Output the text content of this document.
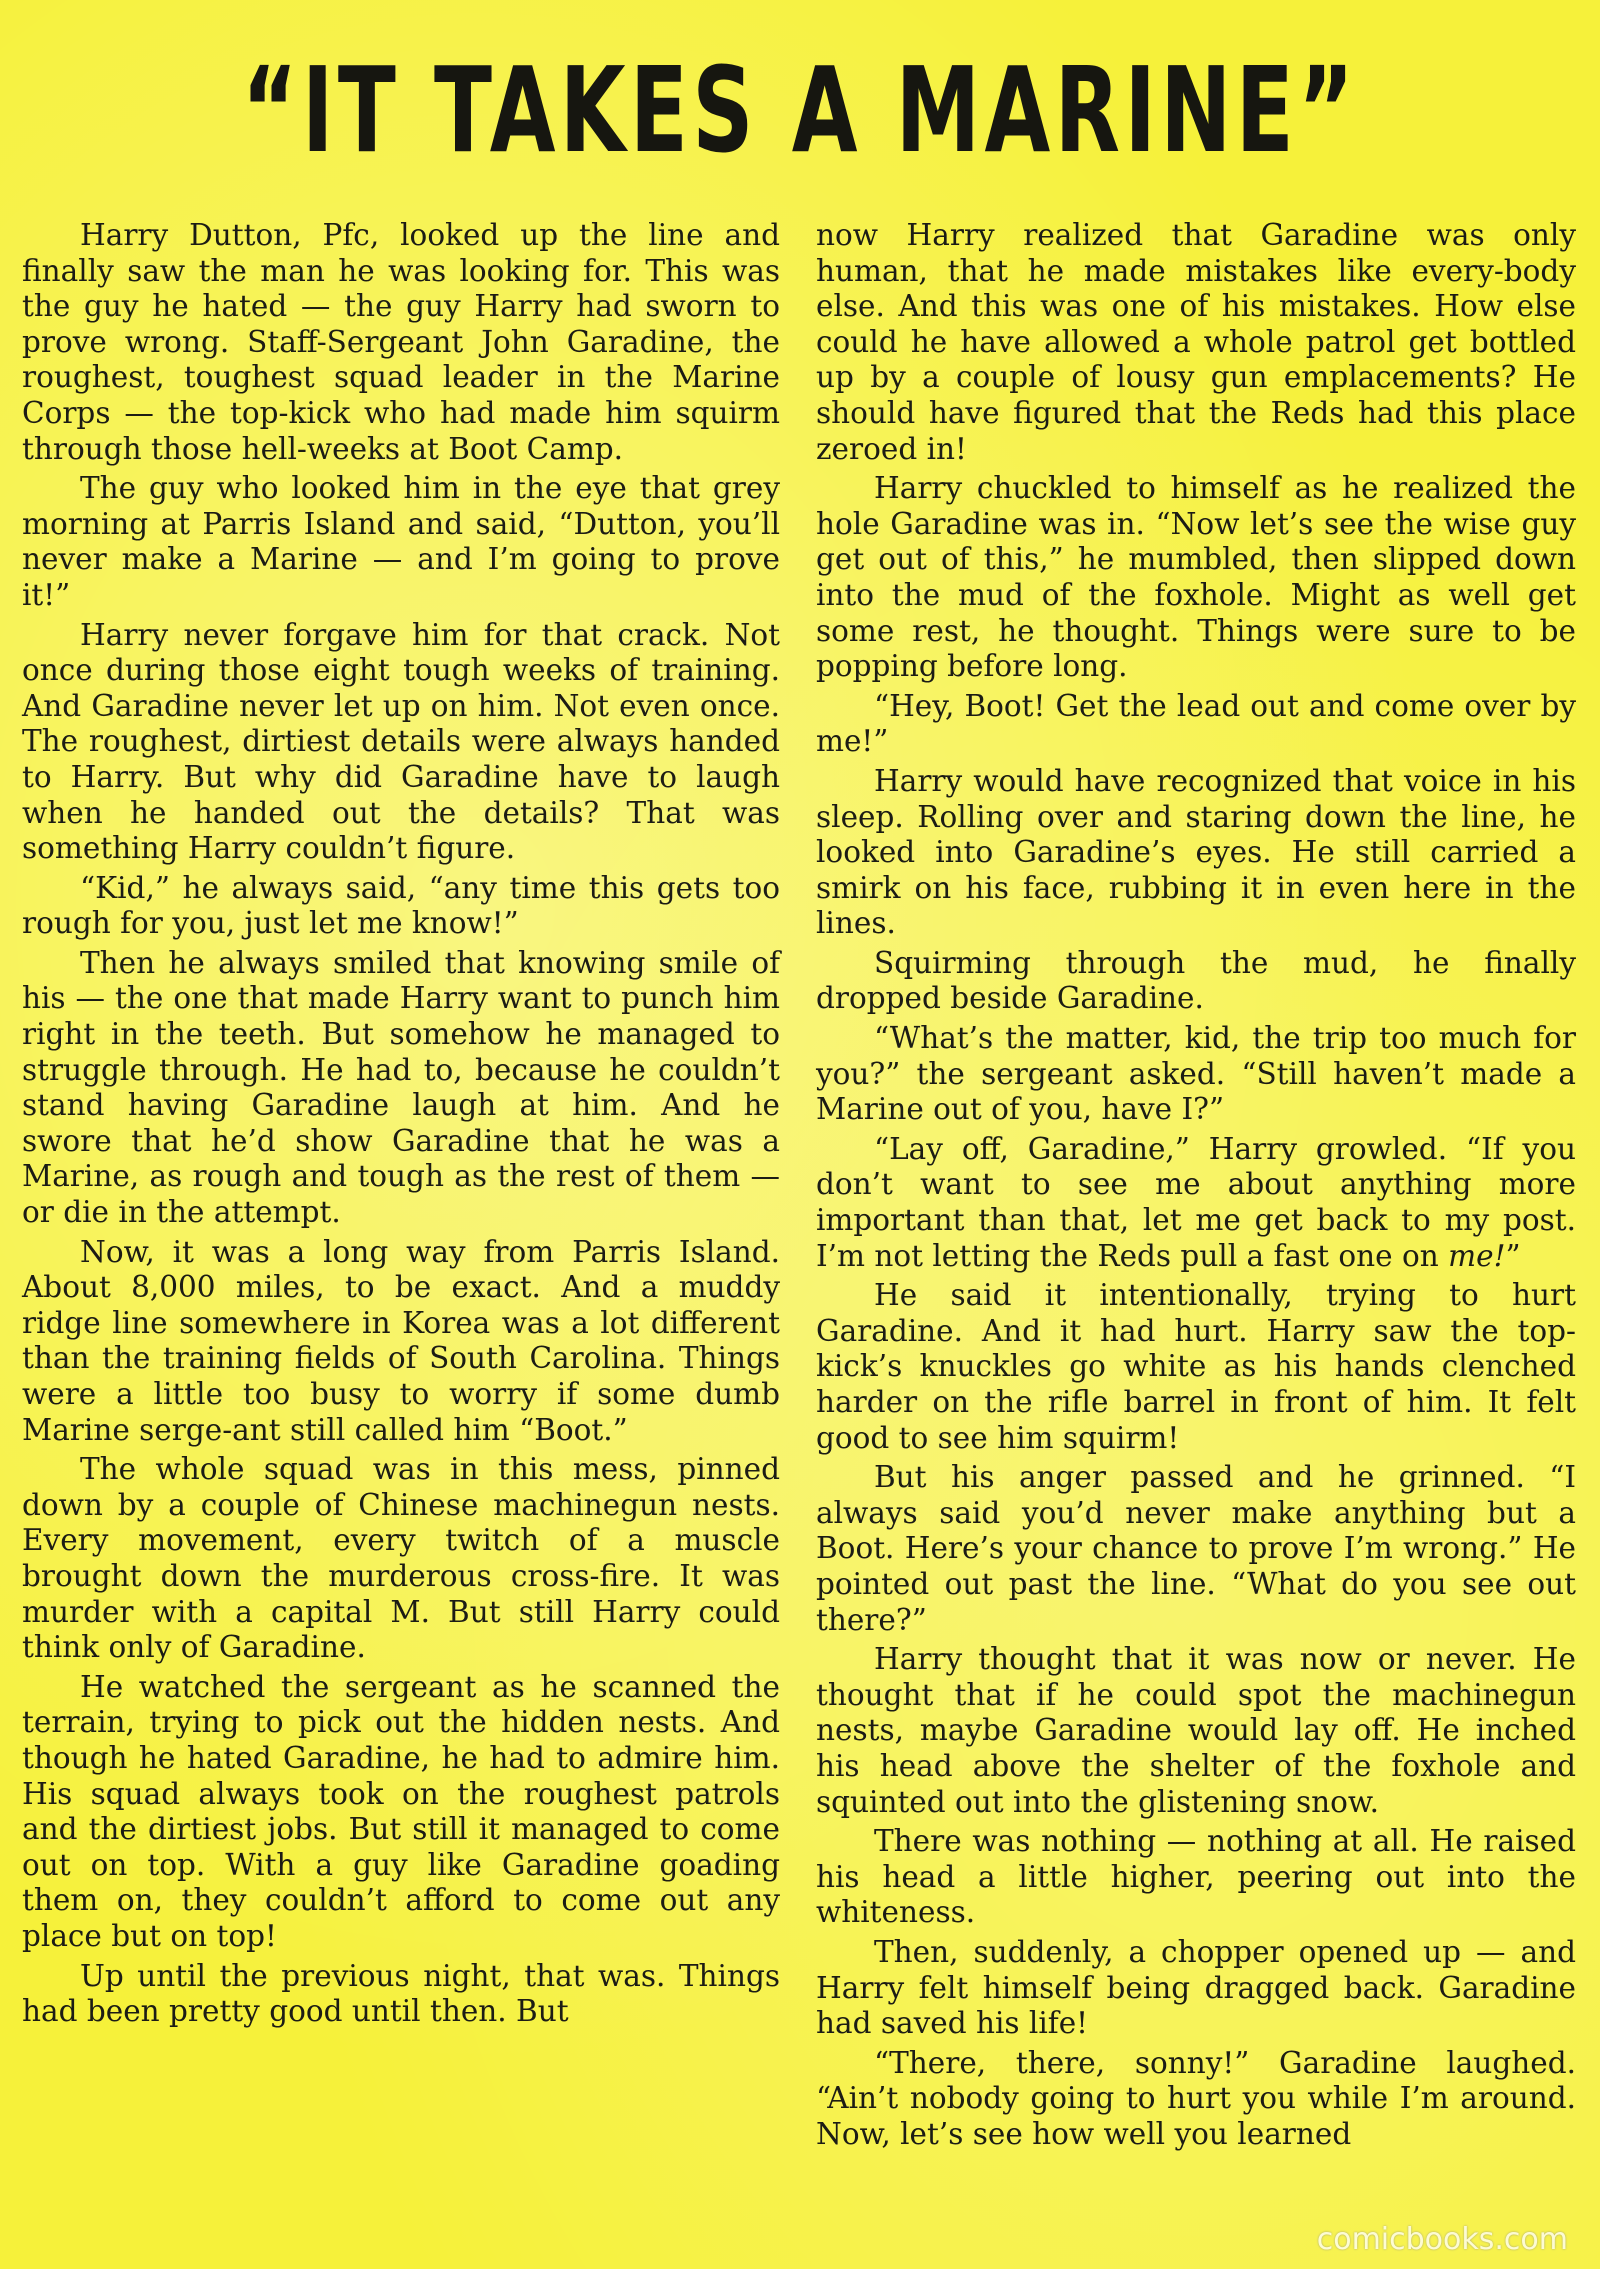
“IT TAKES A MARINE”

Harry Dutton, Pfc, looked up the line and finally saw the man he was looking for. This was the guy he hated — the guy Harry had sworn to prove wrong. Staff-Sergeant John Garadine, the roughest, toughest squad leader in the Marine Corps — the top-kick who had made him squirm through those hell-weeks at Boot Camp.

The guy who looked him in the eye that grey morning at Parris Island and said, “Dutton, you’ll never make a Marine — and I’m going to prove it!”

Harry never forgave him for that crack. Not once during those eight tough weeks of training. And Garadine never let up on him. Not even once. The roughest, dirtiest details were always handed to Harry. But why did Garadine have to laugh when he handed out the details? That was something Harry couldn’t figure.

“Kid,” he always said, “any time this gets too rough for you, just let me know!”

Then he always smiled that knowing smile of his — the one that made Harry want to punch him right in the teeth. But somehow he managed to struggle through. He had to, because he couldn’t stand having Garadine laugh at him. And he swore that he’d show Garadine that he was a Marine, as rough and tough as the rest of them — or die in the attempt.

Now, it was a long way from Parris Island. About 8,000 miles, to be exact. And a muddy ridge line somewhere in Korea was a lot different than the training fields of South Carolina. Things were a little too busy to worry if some dumb Marine serge-ant still called him “Boot.”

The whole squad was in this mess, pinned down by a couple of Chinese machinegun nests. Every movement, every twitch of a muscle brought down the murderous cross-fire. It was murder with a capital M. But still Harry could think only of Garadine.

He watched the sergeant as he scanned the terrain, trying to pick out the hidden nests. And though he hated Garadine, he had to admire him. His squad always took on the roughest patrols and the dirtiest jobs. But still it managed to come out on top. With a guy like Garadine goading them on, they couldn’t afford to come out any place but on top!

Up until the previous night, that was. Things had been pretty good until then. But

now Harry realized that Garadine was only human, that he made mistakes like every-body else. And this was one of his mistakes. How else could he have allowed a whole patrol get bottled up by a couple of lousy gun emplacements? He should have figured that the Reds had this place zeroed in!

Harry chuckled to himself as he realized the hole Garadine was in. “Now let’s see the wise guy get out of this,” he mumbled, then slipped down into the mud of the foxhole. Might as well get some rest, he thought. Things were sure to be popping before long.

“Hey, Boot! Get the lead out and come over by me!”

Harry would have recognized that voice in his sleep. Rolling over and staring down the line, he looked into Garadine’s eyes. He still carried a smirk on his face, rubbing it in even here in the lines.

Squirming through the mud, he finally dropped beside Garadine.

“What’s the matter, kid, the trip too much for you?” the sergeant asked. “Still haven’t made a Marine out of you, have I?”

“Lay off, Garadine,” Harry growled. “If you don’t want to see me about anything more important than that, let me get back to my post. I’m not letting the Reds pull a fast one on me!”

He said it intentionally, trying to hurt Garadine. And it had hurt. Harry saw the top-kick’s knuckles go white as his hands clenched harder on the rifle barrel in front of him. It felt good to see him squirm!

But his anger passed and he grinned. “I always said you’d never make anything but a Boot. Here’s your chance to prove I’m wrong.” He pointed out past the line. “What do you see out there?”

Harry thought that it was now or never. He thought that if he could spot the machinegun nests, maybe Garadine would lay off. He inched his head above the shelter of the foxhole and squinted out into the glistening snow.

There was nothing — nothing at all. He raised his head a little higher, peering out into the whiteness.

Then, suddenly, a chopper opened up — and Harry felt himself being dragged back. Garadine had saved his life!

“There, there, sonny!” Garadine laughed. “Ain’t nobody going to hurt you while I’m around. Now, let’s see how well you learned

comicbooks.com
